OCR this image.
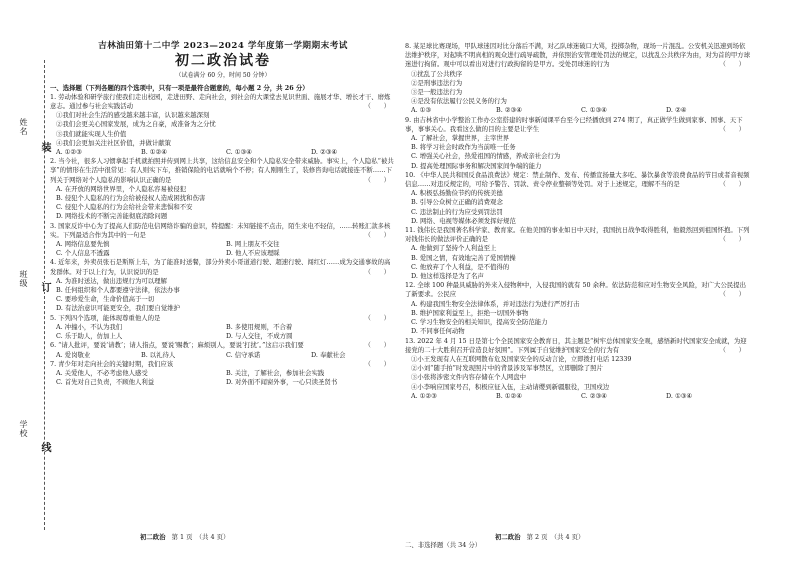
姓名
班级
学校
装
订
线
吉林油田第十二中学 2023—2024 学年度第一学期期末考试
初二政治试卷
（试卷满分 60 分，时间 50 分钟）
一、选择题（下列各题的四个选项中，只有一项是最符合题意的，每小题 2 分，共 26 分）
1. 劳动体验和研学旅行使我们走出校园，走进田野、走向社会，到社会的大课堂去见识世面、施展才华、增长才干、磨炼意志。通过参与社会实践活动	（　　）
①我们对社会生活的感受越来越丰富，认识越来越深刻
②我们会更关心国家发展，成为之自豪，成准备为之分忧
③我们就能实现人生价值
④我们会更加关注社区价值，并做计献策
A. ①②③	B. ①②④	C. ①③④	D. ②③④
2. 当今社，很多人习惯拿起手机就拍照并传到网上共享，这给信息安全和个人隐私安全带来威胁。事实上，个人隐私“被共享”的情形在生活中很常见：有人则实下车，推销保险的电话就响个不停；有人刚刚生了，装修咨询电话就接连不断……下列关于网络对个人隐私的影响认识正确的是	（　　）
A. 在开放的网络世界里，个人隐私容易被侵犯
B. 侵犯个人隐私的行为会给被侵权人造成困扰和伤害
C. 侵犯个人隐私的行为会给社会带来悲惧和不安
D. 网络技术的不断完善能彻底消除问题
3. 国家反诈中心为了提高人们防范电信网络诈骗的意识，特提醒：未知链接不点击，陌生来电不轻信，……转账汇款多核实。下列最适合作为其中的一句是	（　　）
A. 网络信息要先慎	B. 网上朋友不交往
C. 个人信息不透露	D. 他人不应该理睬
4. 近年来，外卖员张石是斯斯上车，为了能准时送餐，部分外卖小哥道道行驶、超速行驶、闯红灯……成为交通事故的高发群体。对于以上行为，认识说识的是	（　　）
A. 为准时送达，做出违规行为可以理解
B. 任何组织和个人都要遵守法律，依法办事
C. 要珍爱生命，生命价值高于一切
D. 有法治意识可能更安全，我们要自觉维护
5. 下列四个选项，能体现尊重他人的是	（　　）
A. 冲撞小，不认为我们	B. 多使用规则，不合着
C. 乐于助人，仿加上人	D. 与人交往，不成方圆
6. “请人批评，要说‘请教’；请人指点，要说‘赐教’；麻烦别人，要说‘打扰’。”这启示我们要	（　　）
A. 爱岗敬业	B. 以礼待人	C. 信守承诺	D. 奉献社会
7. 青少年对走向社会的关键时期，我们应该	（　　）
A. 关爱他人，不必考虑他人感受	B. 关注，了解社会，参加社会实践
C. 首先对自己负责，不顾他人利益	D. 对外面不闻窗外事，一心只读圣贤书
8. 某足球比赛现场，甲队球迷因对比分落后不满，对乙队球迷破口大骂，投掷杂物，现场一片混乱。公安机关迅速到场依法维护秩序，对起哄不明真相的观众进行疏导疏散，并依照治安管理处罚法的规定，以扰乱公共秩序为由，对为首的甲方球迷进行拘留。观中可以看出对进行行政拘留的是甲方。受处罚球迷的行为	（　　）
①扰乱了公共秩序
②是刑事违法行为
③是一般违法行为
④是没有依法履行公民义务的行为
A. ①③	B. ②③④	C. ①③④	D. ②④
9. 由吉林省中小学整治工作办公室搭建的时事新闻课平台至今已经播放到 274 期了，真正做学生做到家事、国事、天下事，事事关心。我看这么做的目的主要是让学生	（　　）
A. 了解社会，掌握世界，主宰世界
B. 将学习社会时政作为当前唯一任务
C. 增强关心社会，热爱祖国的情感，养成亲社会行为
D. 提高处理国际事务和解决国家间争端的能力
10. 《中华人民共和国反食品浪费法》规定：禁止制作、发布、传播宣扬量大多吃、暴饮暴食等浪费食品的节目或者音视频信息……对违反规定的，可给予警告、罚款、责令停业整顿等处罚。对于上述规定，理解不当的是	（　　）
A. 积极弘扬勤俭节约的传统美德
B. 引导公众树立正确的消费观念
C. 违法制止的行为应受到罚法罚
D. 网络、电视等媒体必须发挥好规范
11. 钱伟长是我国著名科学家、教育家。在他美国的事业如日中天时，我国抗日战争取得胜利，他毅然回到祖国怀抱。下列对钱伟长的做法评价正确的是	（　　）
A. 他做到了坚持个人利益至上
B. 爱国之情，有效地完善了爱国情操
C. 他放弃了个人利益，是不值得的
D. 他这样选择是为了名声
12. 全球 100 种最具威胁的外来入侵物种中，入侵我国的就有 50 余种。依法防范和应对生物安全风险，对广大公民提出了新要求。公民应	（　　）
A. 构建我国生物安全法律体系，并对违法行为进行严厉打击
B. 维护国家利益至上，拒绝一切国外事物
C. 学习生物安全的相关知识，提高安全防范能力
D. 不同事任何动物
13. 2022 年 4 月 15 日是第七个全民国家安全教育日，其主题是“树牢总体国家安全观，感悟新时代国家安全成就，为迎接党的二十大胜利召开营造良好氛围”。下列属于自觉维护国家安全的行为有	（　　）
①小王发现有人在互联网散布危及国家安全的反动言论，立即拨打电话 12339
②小刘“随手拍”时发现照片中的背景涉及军事禁区，立即删除了照片
③小张将涉密文件内容存储在个人网盘中
④小李响应国家号召，积极应征入伍，主动请缨到新疆服役，卫国戍边
A. ①②③	B. ①②④	C. ②③④	D. ①③④
初二政治 第 1 页　（共 4 页）	初二政治 第 2 页　（共 4 页）
二、非选择题（共 34 分）
